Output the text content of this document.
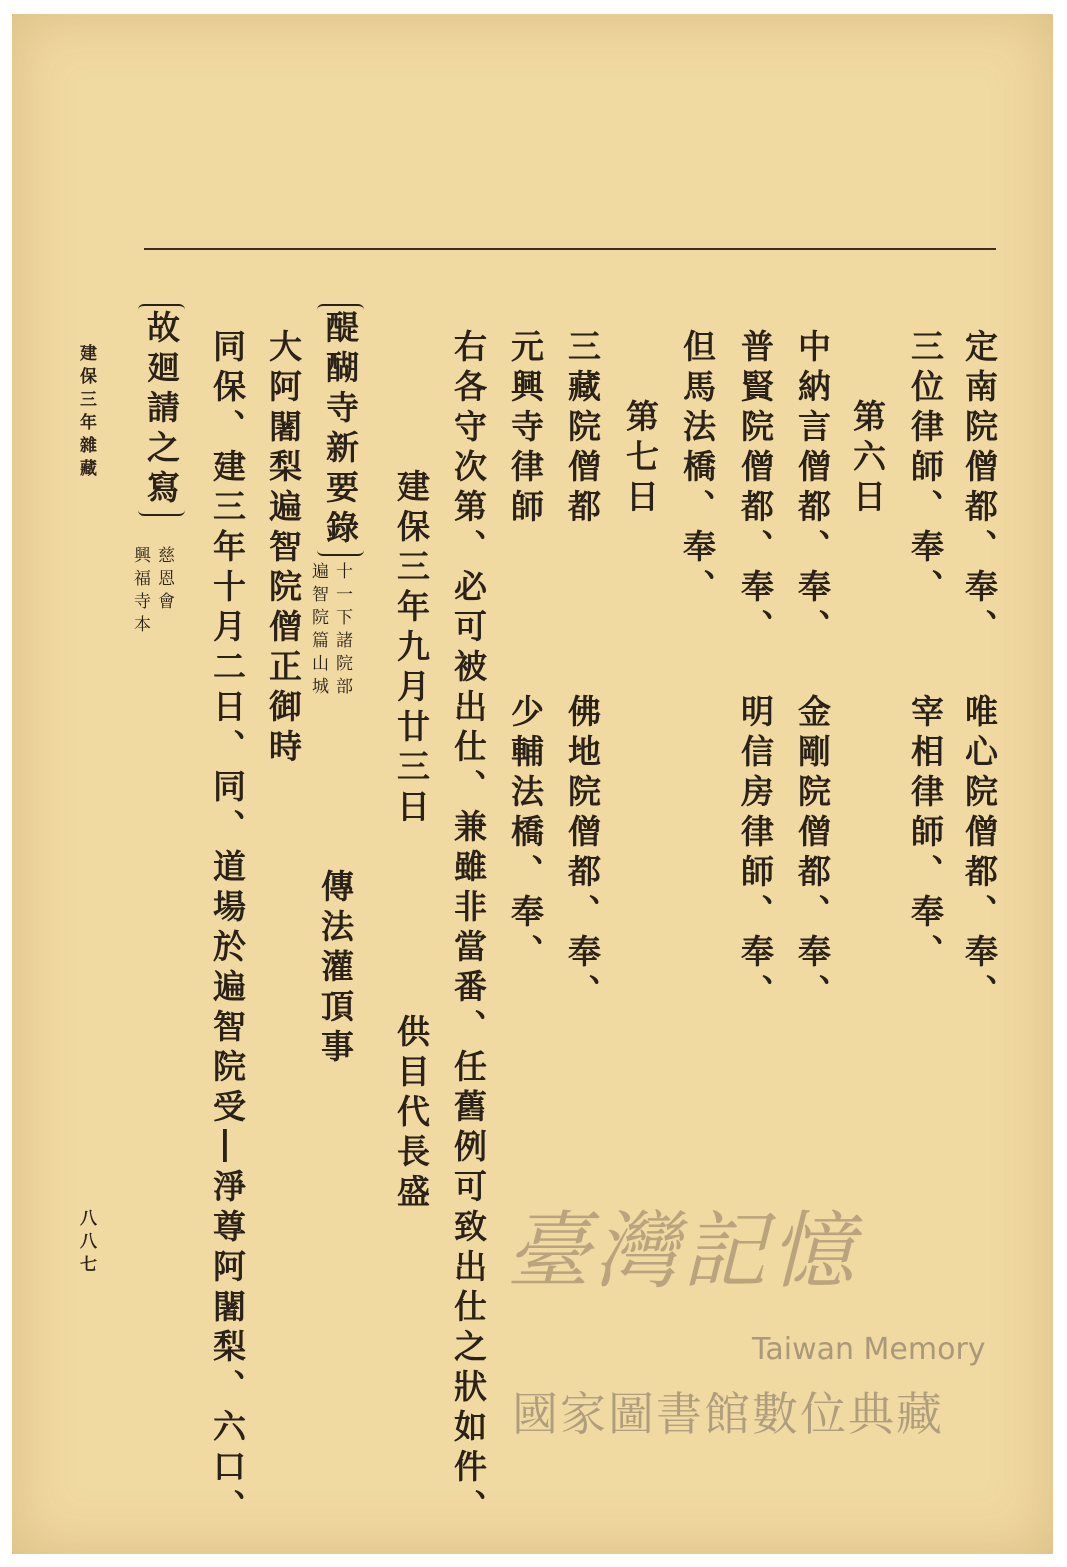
定南院僧都、奉、
唯心院僧都、奉、
三位律師、奉、
宰相律師、奉、
第六日
中納言僧都、奉、
金剛院僧都、奉、
普賢院僧都、奉、
明信房律師、奉、
但馬法橋、奉、
第七日
三藏院僧都
佛地院僧都、奉、
元興寺律師
少輔法橋、奉、
右各守次第、必可被出仕、兼雖非當番、任舊例可致出仕之狀如件、
建保三年九月廿三日
供目代長盛
大阿闍梨遍智院僧正御時
同保、建三年十月二日、同、道場於遍智院受―淨尊阿闍梨、六口、 醍醐寺新要錄
故廻請之寫
十一下諸院部
遍智院篇山城
傳法灌頂事
慈恩會
興福寺本
建保三年雜藏
八八七	臺灣記憶
Taiwan Memory
國家圖書館數位典藏
